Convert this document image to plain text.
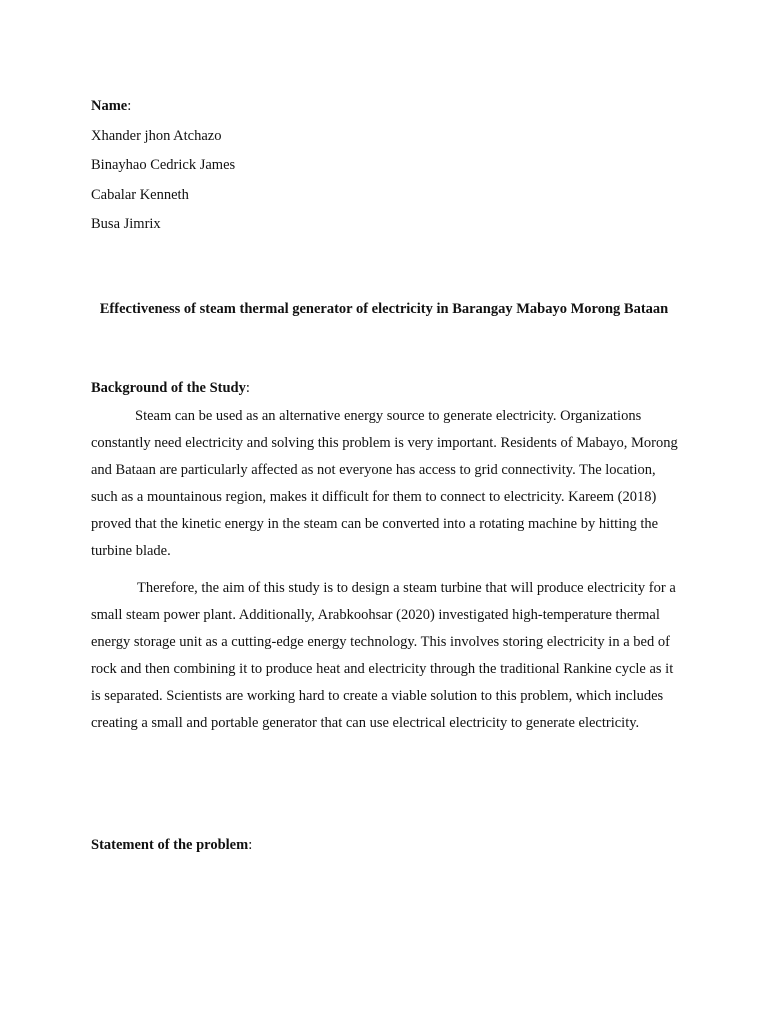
Name:
Xhander jhon Atchazo
Binayhao Cedrick James
Cabalar Kenneth
Busa Jimrix
Effectiveness of steam thermal generator of electricity in Barangay Mabayo Morong Bataan
Background of the Study:

Steam can be used as an alternative energy source to generate electricity. Organizations constantly need electricity and solving this problem is very important. Residents of Mabayo, Morong and Bataan are particularly affected as not everyone has access to grid connectivity. The location, such as a mountainous region, makes it difficult for them to connect to electricity. Kareem (2018) proved that the kinetic energy in the steam can be converted into a rotating machine by hitting the turbine blade.

Therefore, the aim of this study is to design a steam turbine that will produce electricity for a small steam power plant. Additionally, Arabkoohsar (2020) investigated high-temperature thermal energy storage unit as a cutting-edge energy technology. This involves storing electricity in a bed of rock and then combining it to produce heat and electricity through the traditional Rankine cycle as it is separated. Scientists are working hard to create a viable solution to this problem, which includes creating a small and portable generator that can use electrical electricity to generate electricity.

Statement of the problem:
